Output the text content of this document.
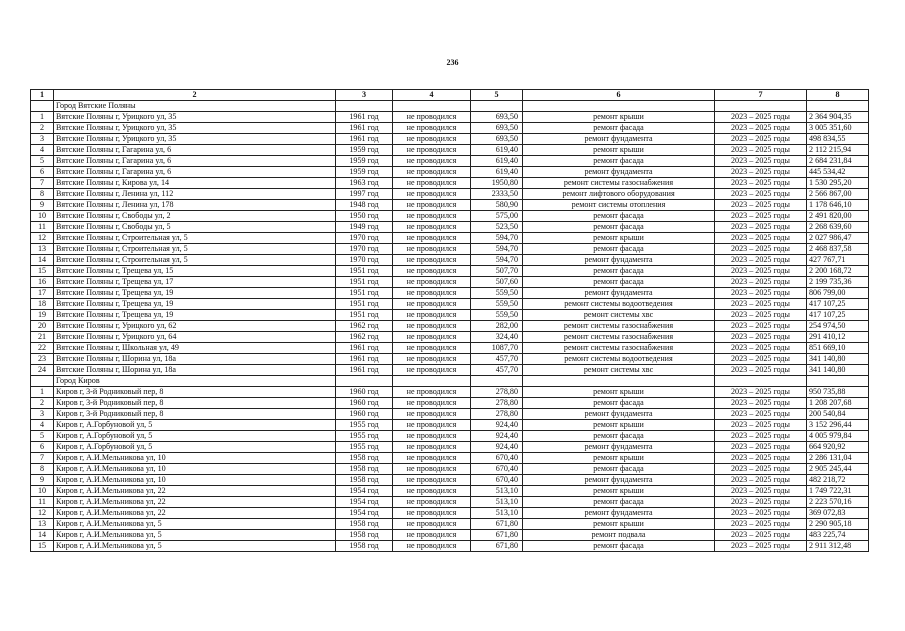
236
1	2	3	4	5	6	7	8
	Город Вятские Поляны						
1	Вятские Поляны г, Урицкого ул, 35	1961 год	не проводился	693,50	ремонт крыши	2023 – 2025 годы	2 364 904,35
2	Вятские Поляны г, Урицкого ул, 35	1961 год	не проводился	693,50	ремонт фасада	2023 – 2025 годы	3 005 351,60
3	Вятские Поляны г, Урицкого ул, 35	1961 год	не проводился	693,50	ремонт фундамента	2023 – 2025 годы	498 834,55
4	Вятские Поляны г, Гагарина ул, 6	1959 год	не проводился	619,40	ремонт крыши	2023 – 2025 годы	2 112 215,94
5	Вятские Поляны г, Гагарина ул, 6	1959 год	не проводился	619,40	ремонт фасада	2023 – 2025 годы	2 684 231,84
6	Вятские Поляны г, Гагарина ул, 6	1959 год	не проводился	619,40	ремонт фундамента	2023 – 2025 годы	445 534,42
7	Вятские Поляны г, Кирова ул, 14	1963 год	не проводился	1950,80	ремонт системы газоснабжения	2023 – 2025 годы	1 530 295,20
8	Вятские Поляны г, Ленина ул, 112	1997 год	не проводился	2333,50	ремонт лифтового оборудования	2023 – 2025 годы	2 566 867,00
9	Вятские Поляны г, Ленина ул, 178	1948 год	не проводился	580,90	ремонт системы отопления	2023 – 2025 годы	1 178 646,10
10	Вятские Поляны г, Свободы ул, 2	1950 год	не проводился	575,00	ремонт фасада	2023 – 2025 годы	2 491 820,00
11	Вятские Поляны г, Свободы ул, 5	1949 год	не проводился	523,50	ремонт фасада	2023 – 2025 годы	2 268 639,60
12	Вятские Поляны г, Строительная ул, 5	1970 год	не проводился	594,70	ремонт крыши	2023 – 2025 годы	2 027 986,47
13	Вятские Поляны г, Строительная ул, 5	1970 год	не проводился	594,70	ремонт фасада	2023 – 2025 годы	2 468 837,58
14	Вятские Поляны г, Строительная ул, 5	1970 год	не проводился	594,70	ремонт фундамента	2023 – 2025 годы	427 767,71
15	Вятские Поляны г, Трещева ул, 15	1951 год	не проводился	507,70	ремонт фасада	2023 – 2025 годы	2 200 168,72
16	Вятские Поляны г, Трещева ул, 17	1951 год	не проводился	507,60	ремонт фасада	2023 – 2025 годы	2 199 735,36
17	Вятские Поляны г, Трещева ул, 19	1951 год	не проводился	559,50	ремонт фундамента	2023 – 2025 годы	806 799,00
18	Вятские Поляны г, Трещева ул, 19	1951 год	не проводился	559,50	ремонт системы водоотведения	2023 – 2025 годы	417 107,25
19	Вятские Поляны г, Трещева ул, 19	1951 год	не проводился	559,50	ремонт системы хвс	2023 – 2025 годы	417 107,25
20	Вятские Поляны г, Урицкого ул, 62	1962 год	не проводился	282,00	ремонт системы газоснабжения	2023 – 2025 годы	254 974,50
21	Вятские Поляны г, Урицкого ул, 64	1962 год	не проводился	324,40	ремонт системы газоснабжения	2023 – 2025 годы	291 410,12
22	Вятские Поляны г, Школьная ул, 49	1961 год	не проводился	1087,70	ремонт системы газоснабжения	2023 – 2025 годы	851 669,10
23	Вятские Поляны г, Шорина ул, 18а	1961 год	не проводился	457,70	ремонт системы водоотведения	2023 – 2025 годы	341 140,80
24	Вятские Поляны г, Шорина ул, 18а	1961 год	не проводился	457,70	ремонт системы хвс	2023 – 2025 годы	341 140,80
	Город Киров						
1	Киров г, 3-й Родниковый пер, 8	1960 год	не проводился	278,80	ремонт крыши	2023 – 2025 годы	950 735,88
2	Киров г, 3-й Родниковый пер, 8	1960 год	не проводился	278,80	ремонт фасада	2023 – 2025 годы	1 208 207,68
3	Киров г, 3-й Родниковый пер, 8	1960 год	не проводился	278,80	ремонт фундамента	2023 – 2025 годы	200 540,84
4	Киров г, А.Горбуновой ул, 5	1955 год	не проводился	924,40	ремонт крыши	2023 – 2025 годы	3 152 296,44
5	Киров г, А.Горбуновой ул, 5	1955 год	не проводился	924,40	ремонт фасада	2023 – 2025 годы	4 005 979,84
6	Киров г, А.Горбуновой ул, 5	1955 год	не проводился	924,40	ремонт фундамента	2023 – 2025 годы	664 920,92
7	Киров г, А.И.Мельникова ул, 10	1958 год	не проводился	670,40	ремонт крыши	2023 – 2025 годы	2 286 131,04
8	Киров г, А.И.Мельникова ул, 10	1958 год	не проводился	670,40	ремонт фасада	2023 – 2025 годы	2 905 245,44
9	Киров г, А.И.Мельникова ул, 10	1958 год	не проводился	670,40	ремонт фундамента	2023 – 2025 годы	482 218,72
10	Киров г, А.И.Мельникова ул, 22	1954 год	не проводился	513,10	ремонт крыши	2023 – 2025 годы	1 749 722,31
11	Киров г, А.И.Мельникова ул, 22	1954 год	не проводился	513,10	ремонт фасада	2023 – 2025 годы	2 223 570,16
12	Киров г, А.И.Мельникова ул, 22	1954 год	не проводился	513,10	ремонт фундамента	2023 – 2025 годы	369 072,83
13	Киров г, А.И.Мельникова ул, 5	1958 год	не проводился	671,80	ремонт крыши	2023 – 2025 годы	2 290 905,18
14	Киров г, А.И.Мельникова ул, 5	1958 год	не проводился	671,80	ремонт подвала	2023 – 2025 годы	483 225,74
15	Киров г, А.И.Мельникова ул, 5	1958 год	не проводился	671,80	ремонт фасада	2023 – 2025 годы	2 911 312,48
